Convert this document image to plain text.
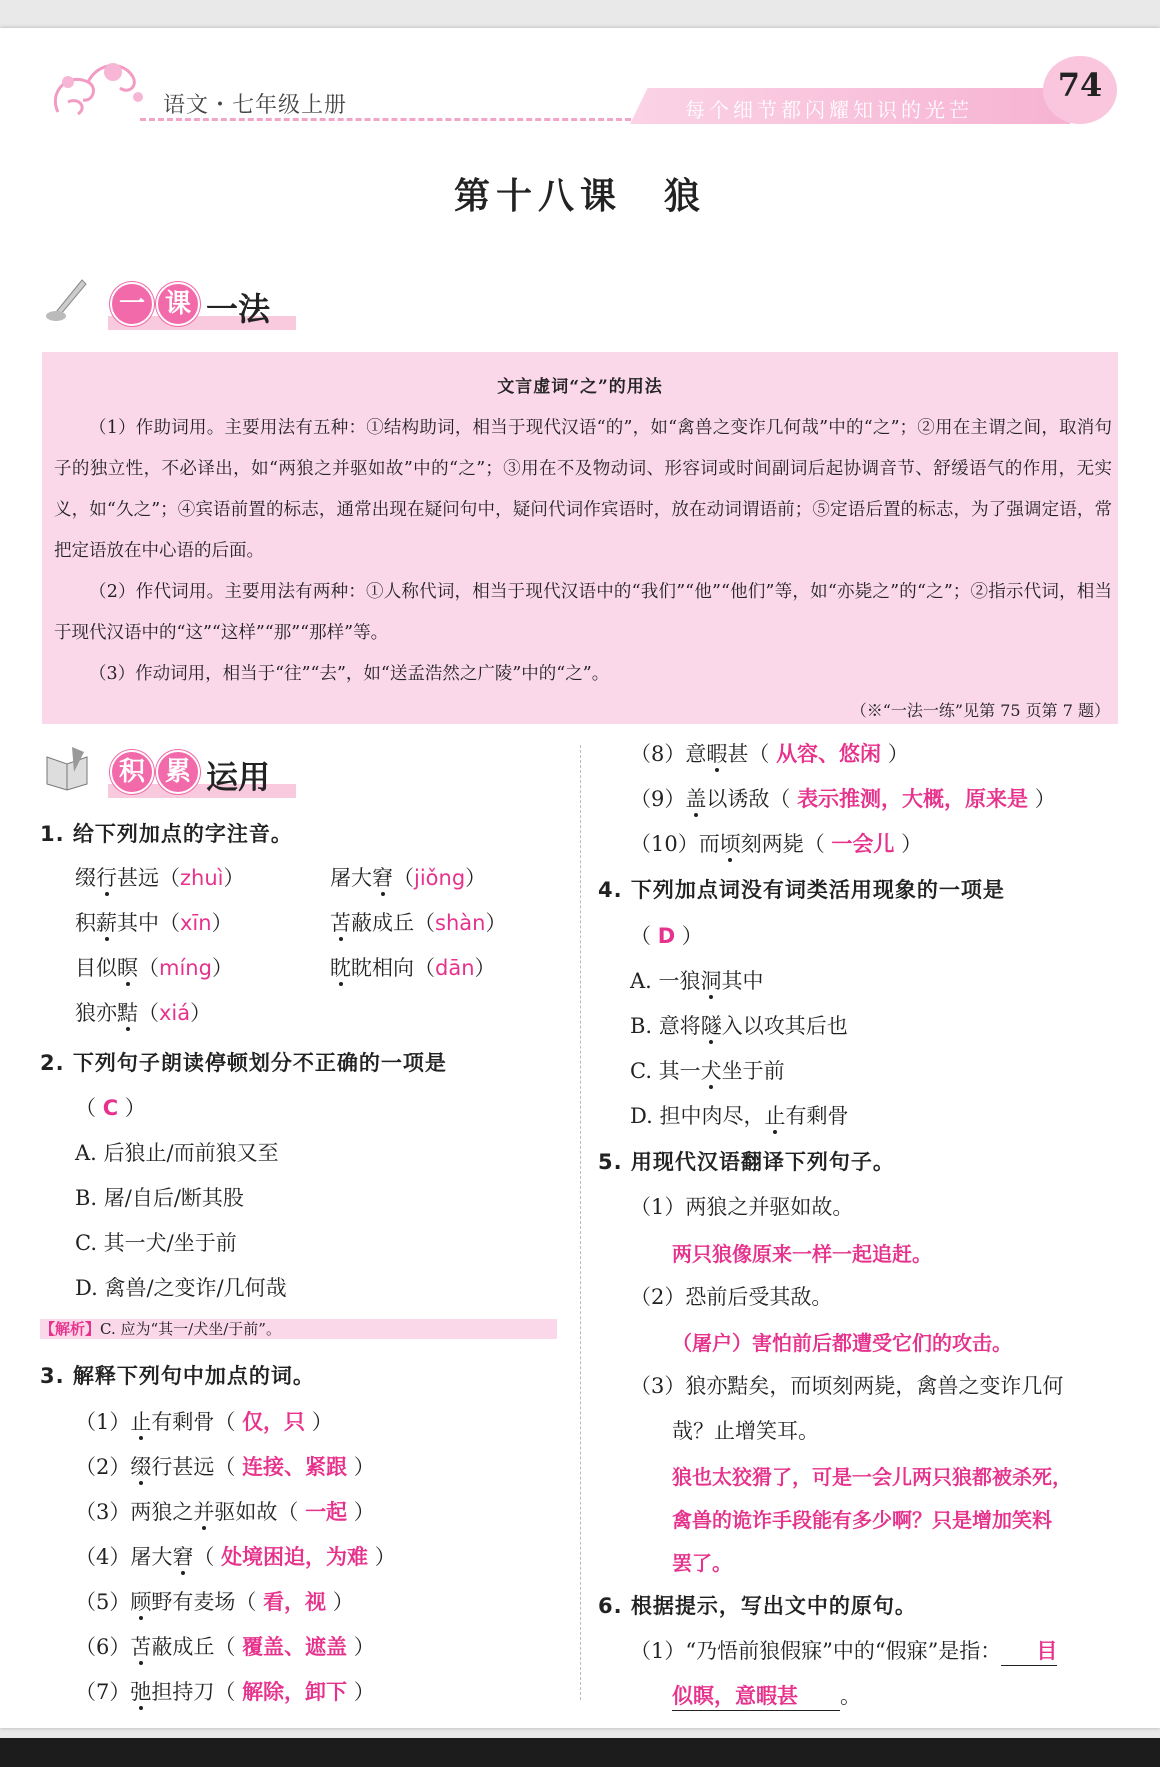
语文・七年级上册	每个细节都闪耀知识的光芒
74
第十八课　狼
一 课 一法
文言虚词“之”的用法
（1）作助词用。主要用法有五种：①结构助词，相当于现代汉语“的”，如“禽兽之变诈几何哉”中的“之”；②用在主谓之间，取消句子的独立性，不必译出，如“两狼之并驱如故”中的“之”；③用在不及物动词、形容词或时间副词后起协调音节、舒缓语气的作用，无实义，如“久之”；④宾语前置的标志，通常出现在疑问句中，疑问代词作宾语时，放在动词谓语前；⑤定语后置的标志，为了强调定语，常把定语放在中心语的后面。
（2）作代词用。主要用法有两种：①人称代词，相当于现代汉语中的“我们”“他”“他们”等，如“亦毙之”的“之”；②指示代词，相当于现代汉语中的“这”“这样”“那”“那样”等。
（3）作动词用，相当于“往”“去”，如“送孟浩然之广陵”中的“之”。
（※“一法一练”见第 75 页第 7 题）
积 累 运用
1. 给下列加点的字注音。
缀行甚远（zhuì）	屠大窘（jiǒng）
积薪其中（xīn）	苫蔽成丘（shàn）
目似瞑（míng）	眈眈相向（dān）
狼亦黠（xiá）
2. 下列句子朗读停顿划分不正确的一项是
（ C ）
A. 后狼止/而前狼又至
B. 屠/自后/断其股
C. 其一犬/坐于前
D. 禽兽/之变诈/几何哉
【解析】C. 应为“其一/犬坐/于前”。
3. 解释下列句中加点的词。
（1）止有剩骨（ 仅，只 ）
（2）缀行甚远（ 连接、紧跟 ）
（3）两狼之并驱如故（ 一起 ）
（4）屠大窘（ 处境困迫，为难 ）
（5）顾野有麦场（ 看，视 ）
（6）苫蔽成丘（ 覆盖、遮盖 ）
（7）弛担持刀（ 解除，卸下 ）
（8）意暇甚（ 从容、悠闲 ）
（9）盖以诱敌（ 表示推测，大概，原来是 ）
（10）而顷刻两毙（ 一会儿 ）
4. 下列加点词没有词类活用现象的一项是
（ D ）
A. 一狼洞其中
B. 意将隧入以攻其后也
C. 其一犬坐于前
D. 担中肉尽，止有剩骨
5. 用现代汉语翻译下列句子。
（1）两狼之并驱如故。
两只狼像原来一样一起追赶。
（2）恐前后受其敌。
（屠户）害怕前后都遭受它们的攻击。
（3）狼亦黠矣，而顷刻两毙，禽兽之变诈几何
哉？止增笑耳。
狼也太狡猾了，可是一会儿两只狼都被杀死，
禽兽的诡诈手段能有多少啊？只是增加笑料
罢了。
6. 根据提示，写出文中的原句。
（1）“乃悟前狼假寐”中的“假寐”是指： 目
似瞑，意暇甚 。
